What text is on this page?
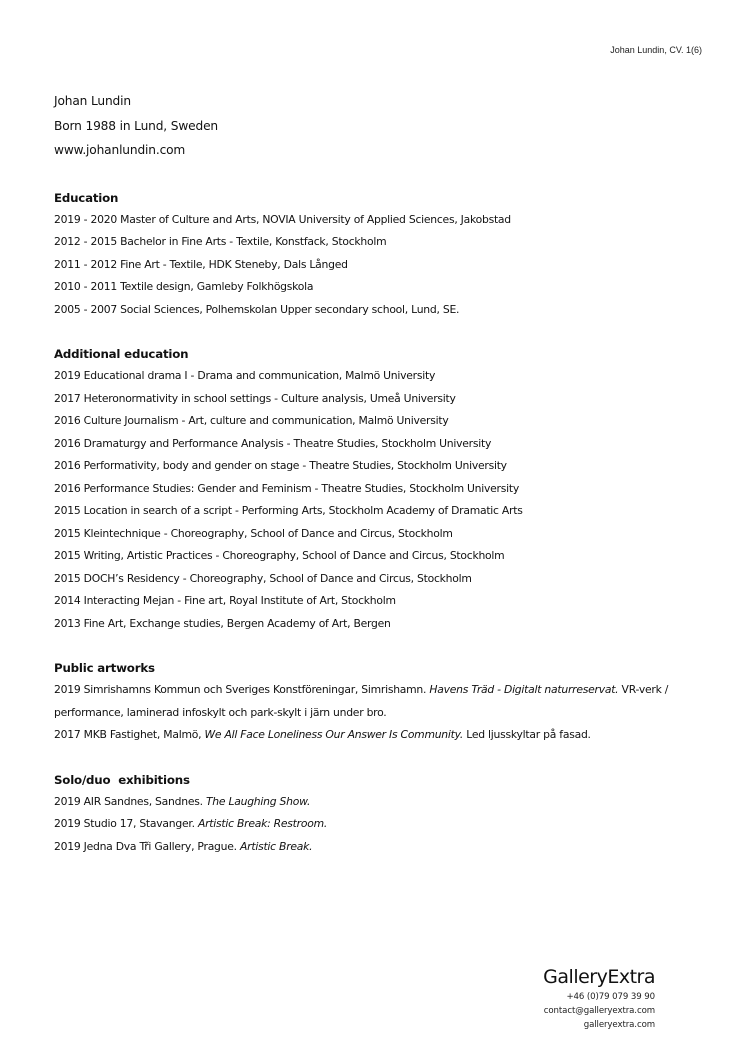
Johan Lundin, CV. 1(6)
Johan Lundin
Born 1988 in Lund, Sweden
www.johanlundin.com
Education
2019 - 2020 Master of Culture and Arts, NOVIA University of Applied Sciences, Jakobstad
2012 - 2015 Bachelor in Fine Arts - Textile, Konstfack, Stockholm
2011 - 2012 Fine Art - Textile, HDK Steneby, Dals Långed
2010 - 2011 Textile design, Gamleby Folkhögskola
2005 - 2007 Social Sciences, Polhemskolan Upper secondary school, Lund, SE.
Additional education
2019 Educational drama I - Drama and communication, Malmö University
2017 Heteronormativity in school settings - Culture analysis, Umeå University
2016 Culture Journalism - Art, culture and communication, Malmö University
2016 Dramaturgy and Performance Analysis - Theatre Studies, Stockholm University
2016 Performativity, body and gender on stage - Theatre Studies, Stockholm University
2016 Performance Studies: Gender and Feminism - Theatre Studies, Stockholm University
2015 Location in search of a script - Performing Arts, Stockholm Academy of Dramatic Arts
2015 Kleintechnique - Choreography, School of Dance and Circus, Stockholm
2015 Writing, Artistic Practices - Choreography, School of Dance and Circus, Stockholm
2015 DOCH’s Residency - Choreography, School of Dance and Circus, Stockholm
2014 Interacting Mejan - Fine art, Royal Institute of Art, Stockholm
2013 Fine Art, Exchange studies, Bergen Academy of Art, Bergen
Public artworks
2019 Simrishamns Kommun och Sveriges Konstföreningar, Simrishamn. Havens Träd - Digitalt naturreservat. VR-verk / performance, laminerad infoskylt och park-skylt i järn under bro.
2017 MKB Fastighet, Malmö, We All Face Loneliness Our Answer Is Community. Led ljusskyltar på fasad.
Solo/duo  exhibitions
2019 AIR Sandnes, Sandnes. The Laughing Show.
2019 Studio 17, Stavanger. Artistic Break: Restroom.
2019 Jedna Dva Tři Gallery, Prague. Artistic Break.
GalleryExtra
+46 (0)79 079 39 90
contact@galleryextra.com
galleryextra.com
